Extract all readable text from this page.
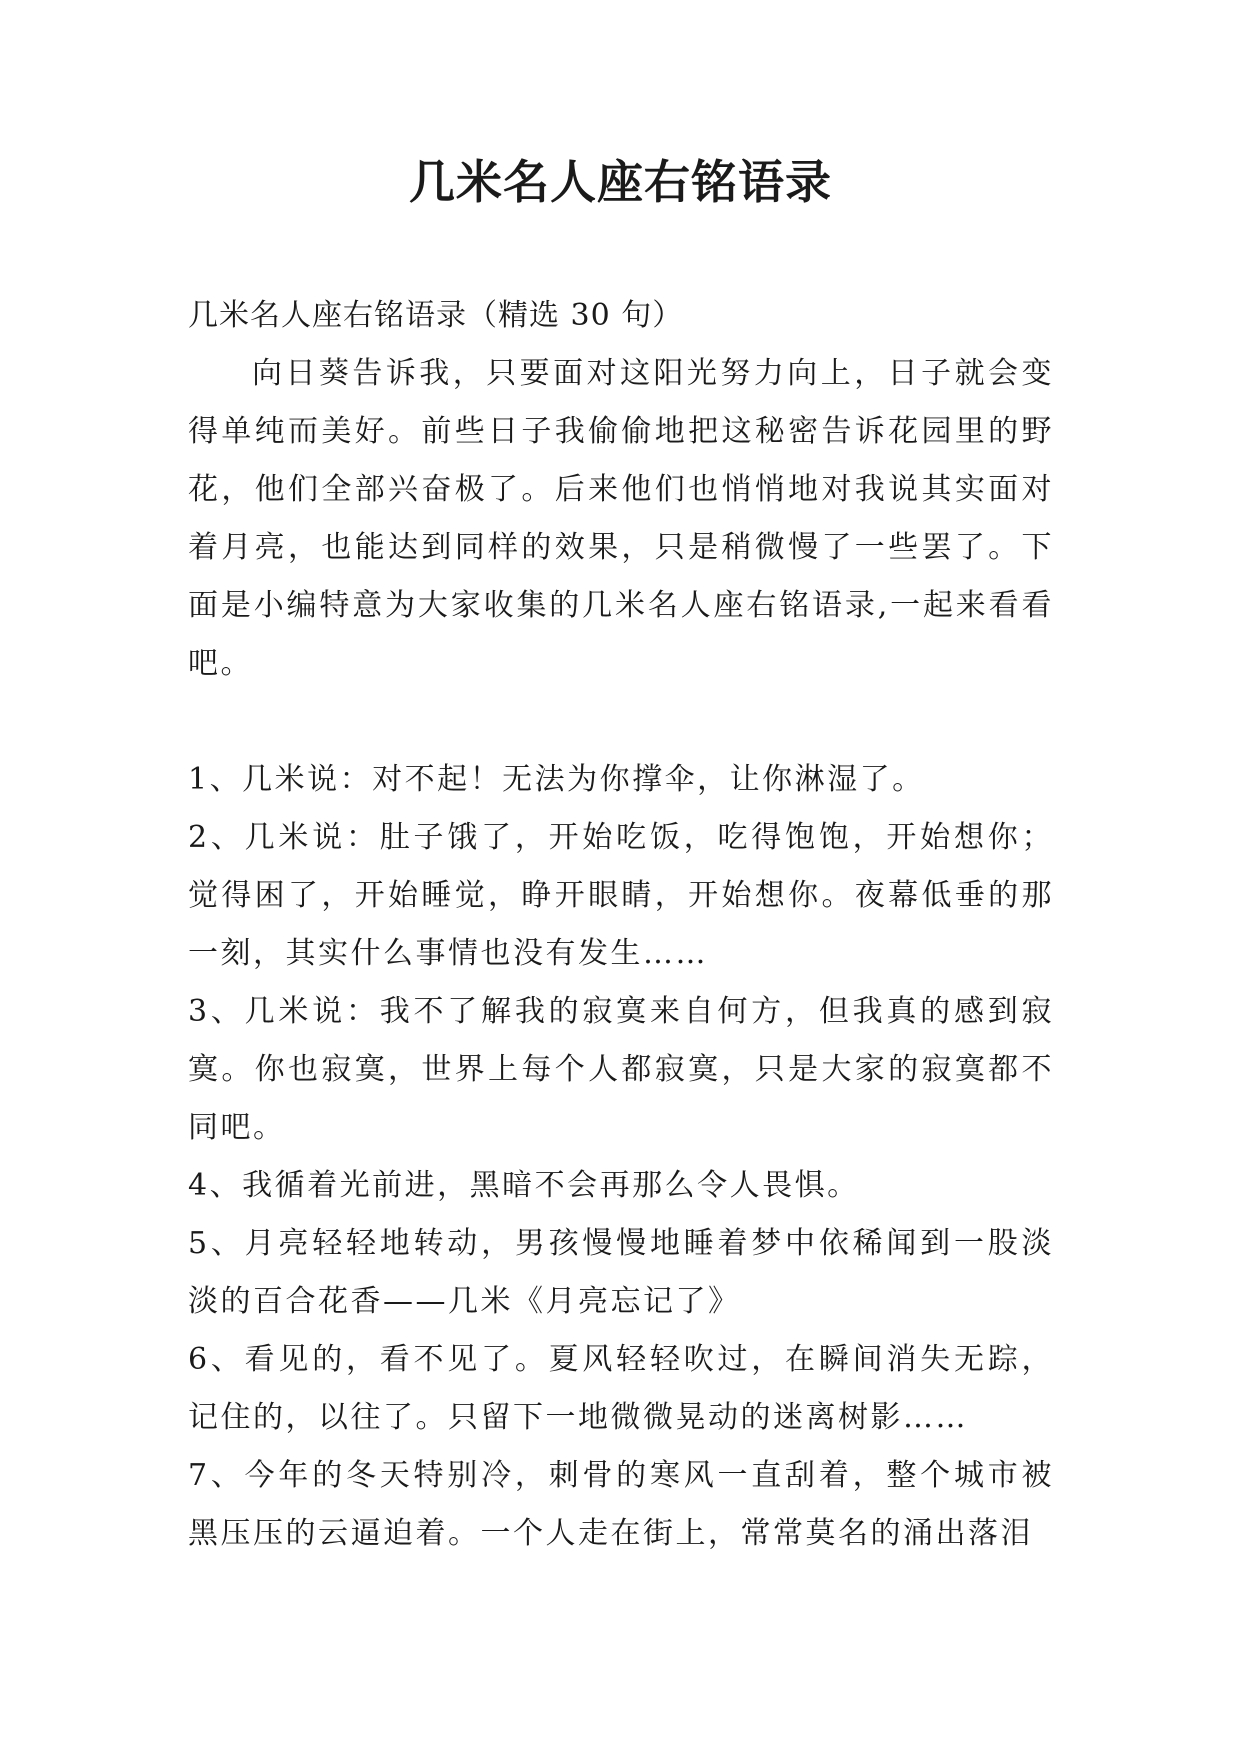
几米名人座右铭语录

几米名人座右铭语录（精选 30 句）

向日葵告诉我，只要面对这阳光努力向上，日子就会变得单纯而美好。前些日子我偷偷地把这秘密告诉花园里的野花，他们全部兴奋极了。后来他们也悄悄地对我说其实面对着月亮，也能达到同样的效果，只是稍微慢了一些罢了。下面是小编特意为大家收集的几米名人座右铭语录,一起来看看吧。

1、几米说：对不起！无法为你撑伞，让你淋湿了。

2、几米说：肚子饿了，开始吃饭，吃得饱饱，开始想你；觉得困了，开始睡觉，睁开眼睛，开始想你。夜幕低垂的那一刻，其实什么事情也没有发生……

3、几米说：我不了解我的寂寞来自何方，但我真的感到寂寞。你也寂寞，世界上每个人都寂寞，只是大家的寂寞都不同吧。

4、我循着光前进，黑暗不会再那么令人畏惧。

5、月亮轻轻地转动，男孩慢慢地睡着梦中依稀闻到一股淡淡的百合花香——几米《月亮忘记了》

6、看见的，看不见了。夏风轻轻吹过，在瞬间消失无踪，记住的，以往了。只留下一地微微晃动的迷离树影……

7、今年的冬天特别冷，刺骨的寒风一直刮着，整个城市被黑压压的云逼迫着。一个人走在街上，常常莫名的涌出落泪
